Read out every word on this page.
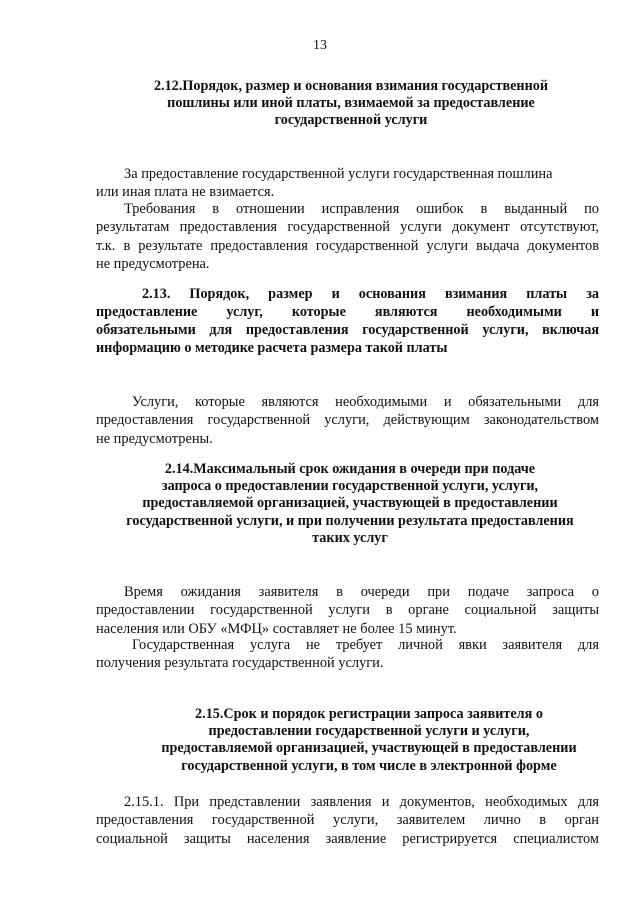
13
2.12.Порядок, размер и основания взимания государственной
пошлины или иной платы, взимаемой за предоставление
государственной услуги
За предоставление государственной услуги государственная пошлина
или иная плата не взимается.
Требования в отношении исправления ошибок в выданный по
результатам предоставления государственной услуги документ отсутствуют,
т.к. в результате предоставления государственной услуги выдача документов
не предусмотрена.
2.13. Порядок, размер и основания взимания платы за
предоставление услуг, которые являются необходимыми и
обязательными для предоставления государственной услуги, включая
информацию о методике расчета размера такой платы
Услуги, которые являются необходимыми и обязательными для
предоставления государственной услуги, действующим законодательством
не предусмотрены.
2.14.Максимальный срок ожидания в очереди при подаче
запроса о предоставлении государственной услуги, услуги,
предоставляемой организацией, участвующей в предоставлении
государственной услуги, и при получении результата предоставления
таких услуг
Время ожидания заявителя в очереди при подаче запроса о
предоставлении государственной услуги в органе социальной защиты
населения или ОБУ «МФЦ» составляет не более 15 минут.
Государственная услуга не требует личной явки заявителя для
получения результата государственной услуги.
2.15.Срок и порядок регистрации запроса заявителя о
предоставлении государственной услуги и услуги,
предоставляемой организацией, участвующей в предоставлении
государственной услуги, в том числе в электронной форме
2.15.1. При представлении заявления и документов, необходимых для
предоставления государственной услуги, заявителем лично в орган
социальной защиты населения заявление регистрируется специалистом
